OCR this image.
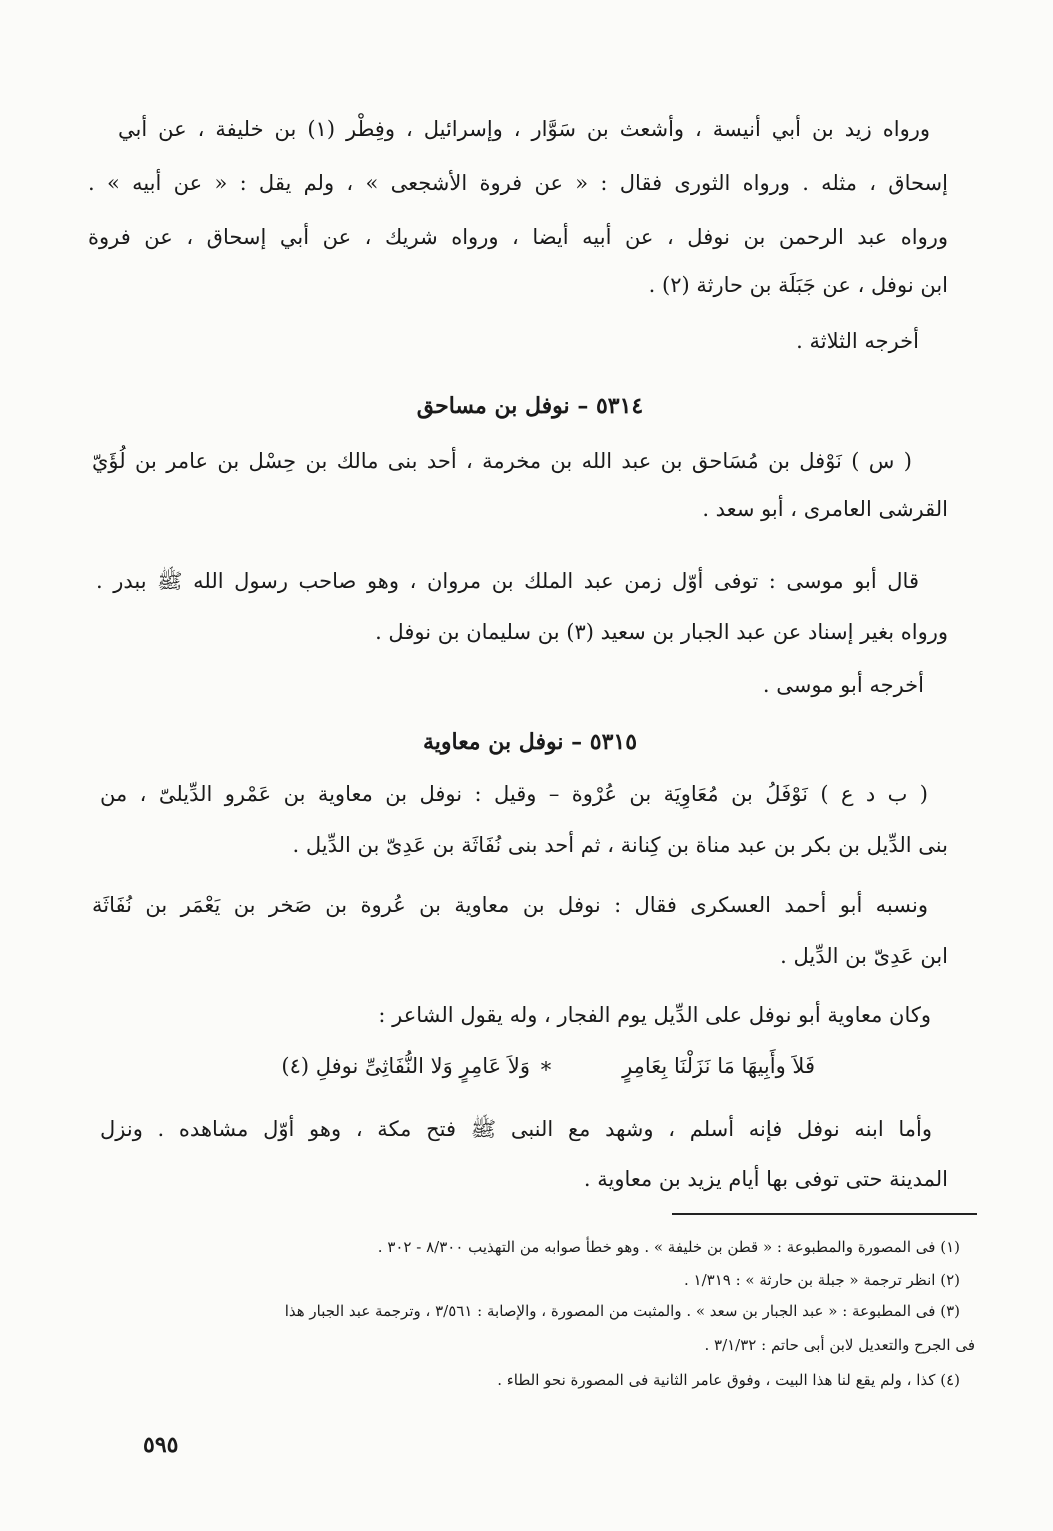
ورواه زيد بن أبي أنيسة ، وأشعث بن سَوَّار ، وإسرائيل ، وفِطْر (١) بن خليفة ، عن أبي
إسحاق ، مثله . ورواه الثورى فقال : « عن فروة الأشجعى » ، ولم يقل : « عن أبيه » .
ورواه عبد الرحمن بن نوفل ، عن أبيه أيضا ، ورواه شريك ، عن أبي إسحاق ، عن فروة
ابن نوفل ، عن جَبَلَة بن حارثة (٢) .
أخرجه الثلاثة .
٥٣١٤ – نوفل بن مساحق
( س ) نَوْفل بن مُسَاحق بن عبد الله بن مخرمة ، أحد بنى مالك بن حِسْل بن عامر بن لُؤَيّ
القرشى العامرى ، أبو سعد .
قال أبو موسى : توفى أوّل زمن عبد الملك بن مروان ، وهو صاحب رسول الله ﷺ ببدر .
ورواه بغير إسناد عن عبد الجبار بن سعيد (٣) بن سليمان بن نوفل .
أخرجه أبو موسى .
٥٣١٥ – نوفل بن معاوية
( ب د ع ) نَوْفَلُ بن مُعَاوِيَة بن عُرْوة – وقيل : نوفل بن معاوية بن عَمْرو الدِّيلىّ ، من
بنى الدِّيل بن بكر بن عبد مناة بن كِنانة ، ثم أحد بنى نُفَاثَة بن عَدِىّ بن الدِّيل .
ونسبه أبو أحمد العسكرى فقال : نوفل بن معاوية بن عُروة بن صَخر بن يَعْمَر بن نُفَاثَة
ابن عَدِىّ بن الدِّيل .
وكان معاوية أبو نوفل على الدِّيل يوم الفجار ، وله يقول الشاعر :
فَلاَ وأَبِيهَا مَا نَزَلْنَا بِعَامِرٍ
*
وَلاَ عَامِرٍ وَلا النُّفَاثِىِّ نوفلِ (٤)
وأما ابنه نوفل فإنه أسلم ، وشهد مع النبى ﷺ فتح مكة ، وهو أوّل مشاهده . ونزل
المدينة حتى توفى بها أيام يزيد بن معاوية .
(١) فى المصورة والمطبوعة : « قطن بن خليفة » . وهو خطأ صوابه من التهذيب ٨/٣٠٠ - ٣٠٢ .
(٢) انظر ترجمة « جبلة بن حارثة » : ١/٣١٩ .
(٣) فى المطبوعة : « عبد الجبار بن سعد » . والمثبت من المصورة ، والإصابة : ٣/٥٦١ ، وترجمة عبد الجبار هذا
فى الجرح والتعديل لابن أبى حاتم : ٣/١/٣٢ .
(٤) كذا ، ولم يقع لنا هذا البيت ، وفوق عامر الثانية فى المصورة نحو الطاء .
٥٩٥
